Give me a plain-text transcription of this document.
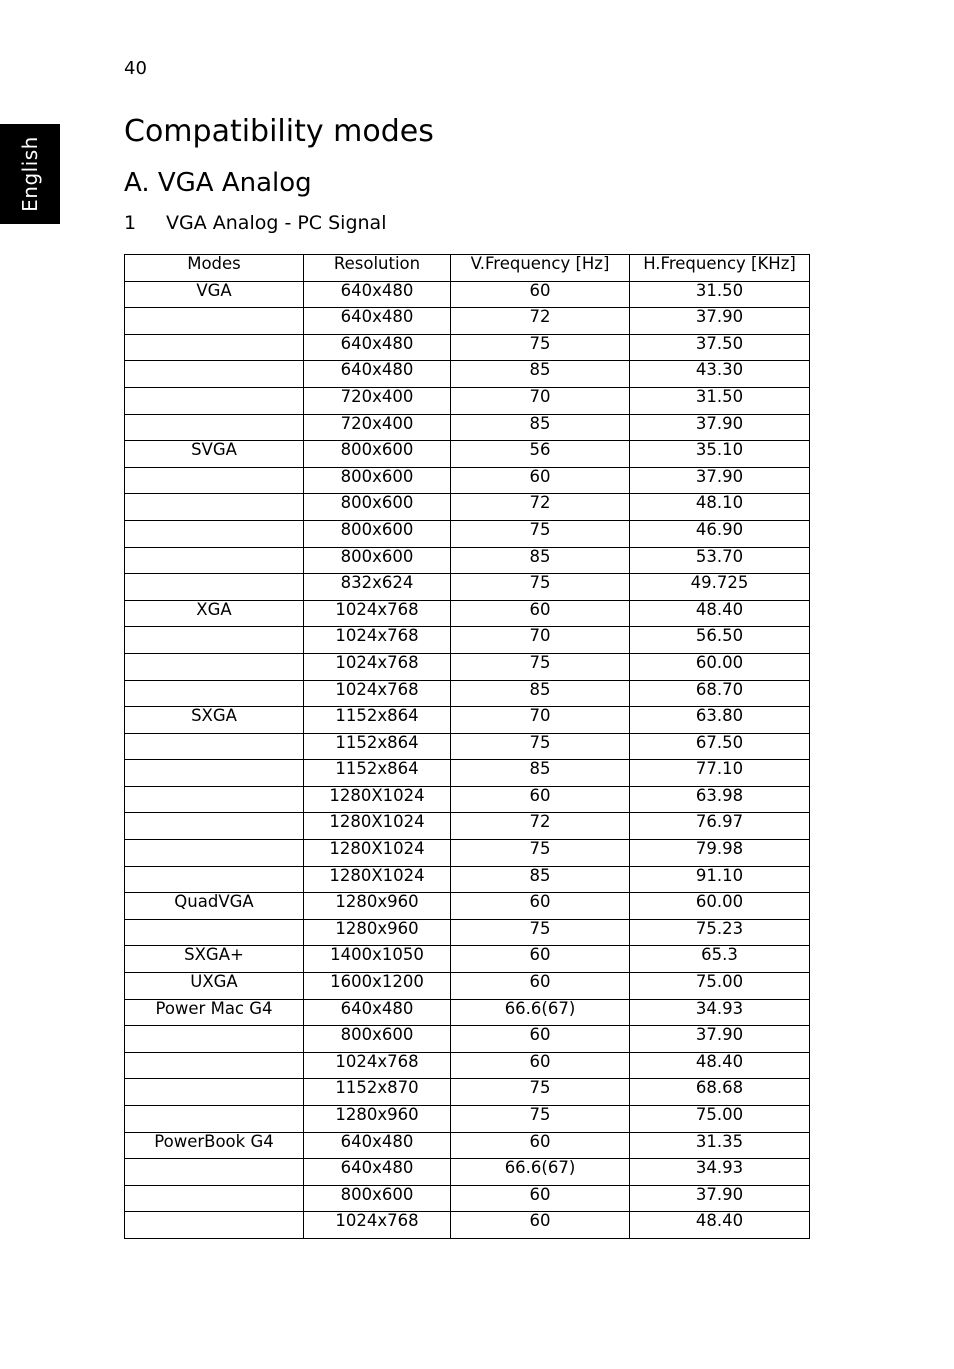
40
English
Compatibility modes
A. VGA Analog
1 VGA Analog - PC Signal
Modes	Resolution	V.Frequency [Hz]	H.Frequency [KHz]
VGA	640x480	60	31.50
	640x480	72	37.90
	640x480	75	37.50
	640x480	85	43.30
	720x400	70	31.50
	720x400	85	37.90
SVGA	800x600	56	35.10
	800x600	60	37.90
	800x600	72	48.10
	800x600	75	46.90
	800x600	85	53.70
	832x624	75	49.725
XGA	1024x768	60	48.40
	1024x768	70	56.50
	1024x768	75	60.00
	1024x768	85	68.70
SXGA	1152x864	70	63.80
	1152x864	75	67.50
	1152x864	85	77.10
	1280X1024	60	63.98
	1280X1024	72	76.97
	1280X1024	75	79.98
	1280X1024	85	91.10
QuadVGA	1280x960	60	60.00
	1280x960	75	75.23
SXGA+	1400x1050	60	65.3
UXGA	1600x1200	60	75.00
Power Mac G4	640x480	66.6(67)	34.93
	800x600	60	37.90
	1024x768	60	48.40
	1152x870	75	68.68
	1280x960	75	75.00
PowerBook G4	640x480	60	31.35
	640x480	66.6(67)	34.93
	800x600	60	37.90
	1024x768	60	48.40
